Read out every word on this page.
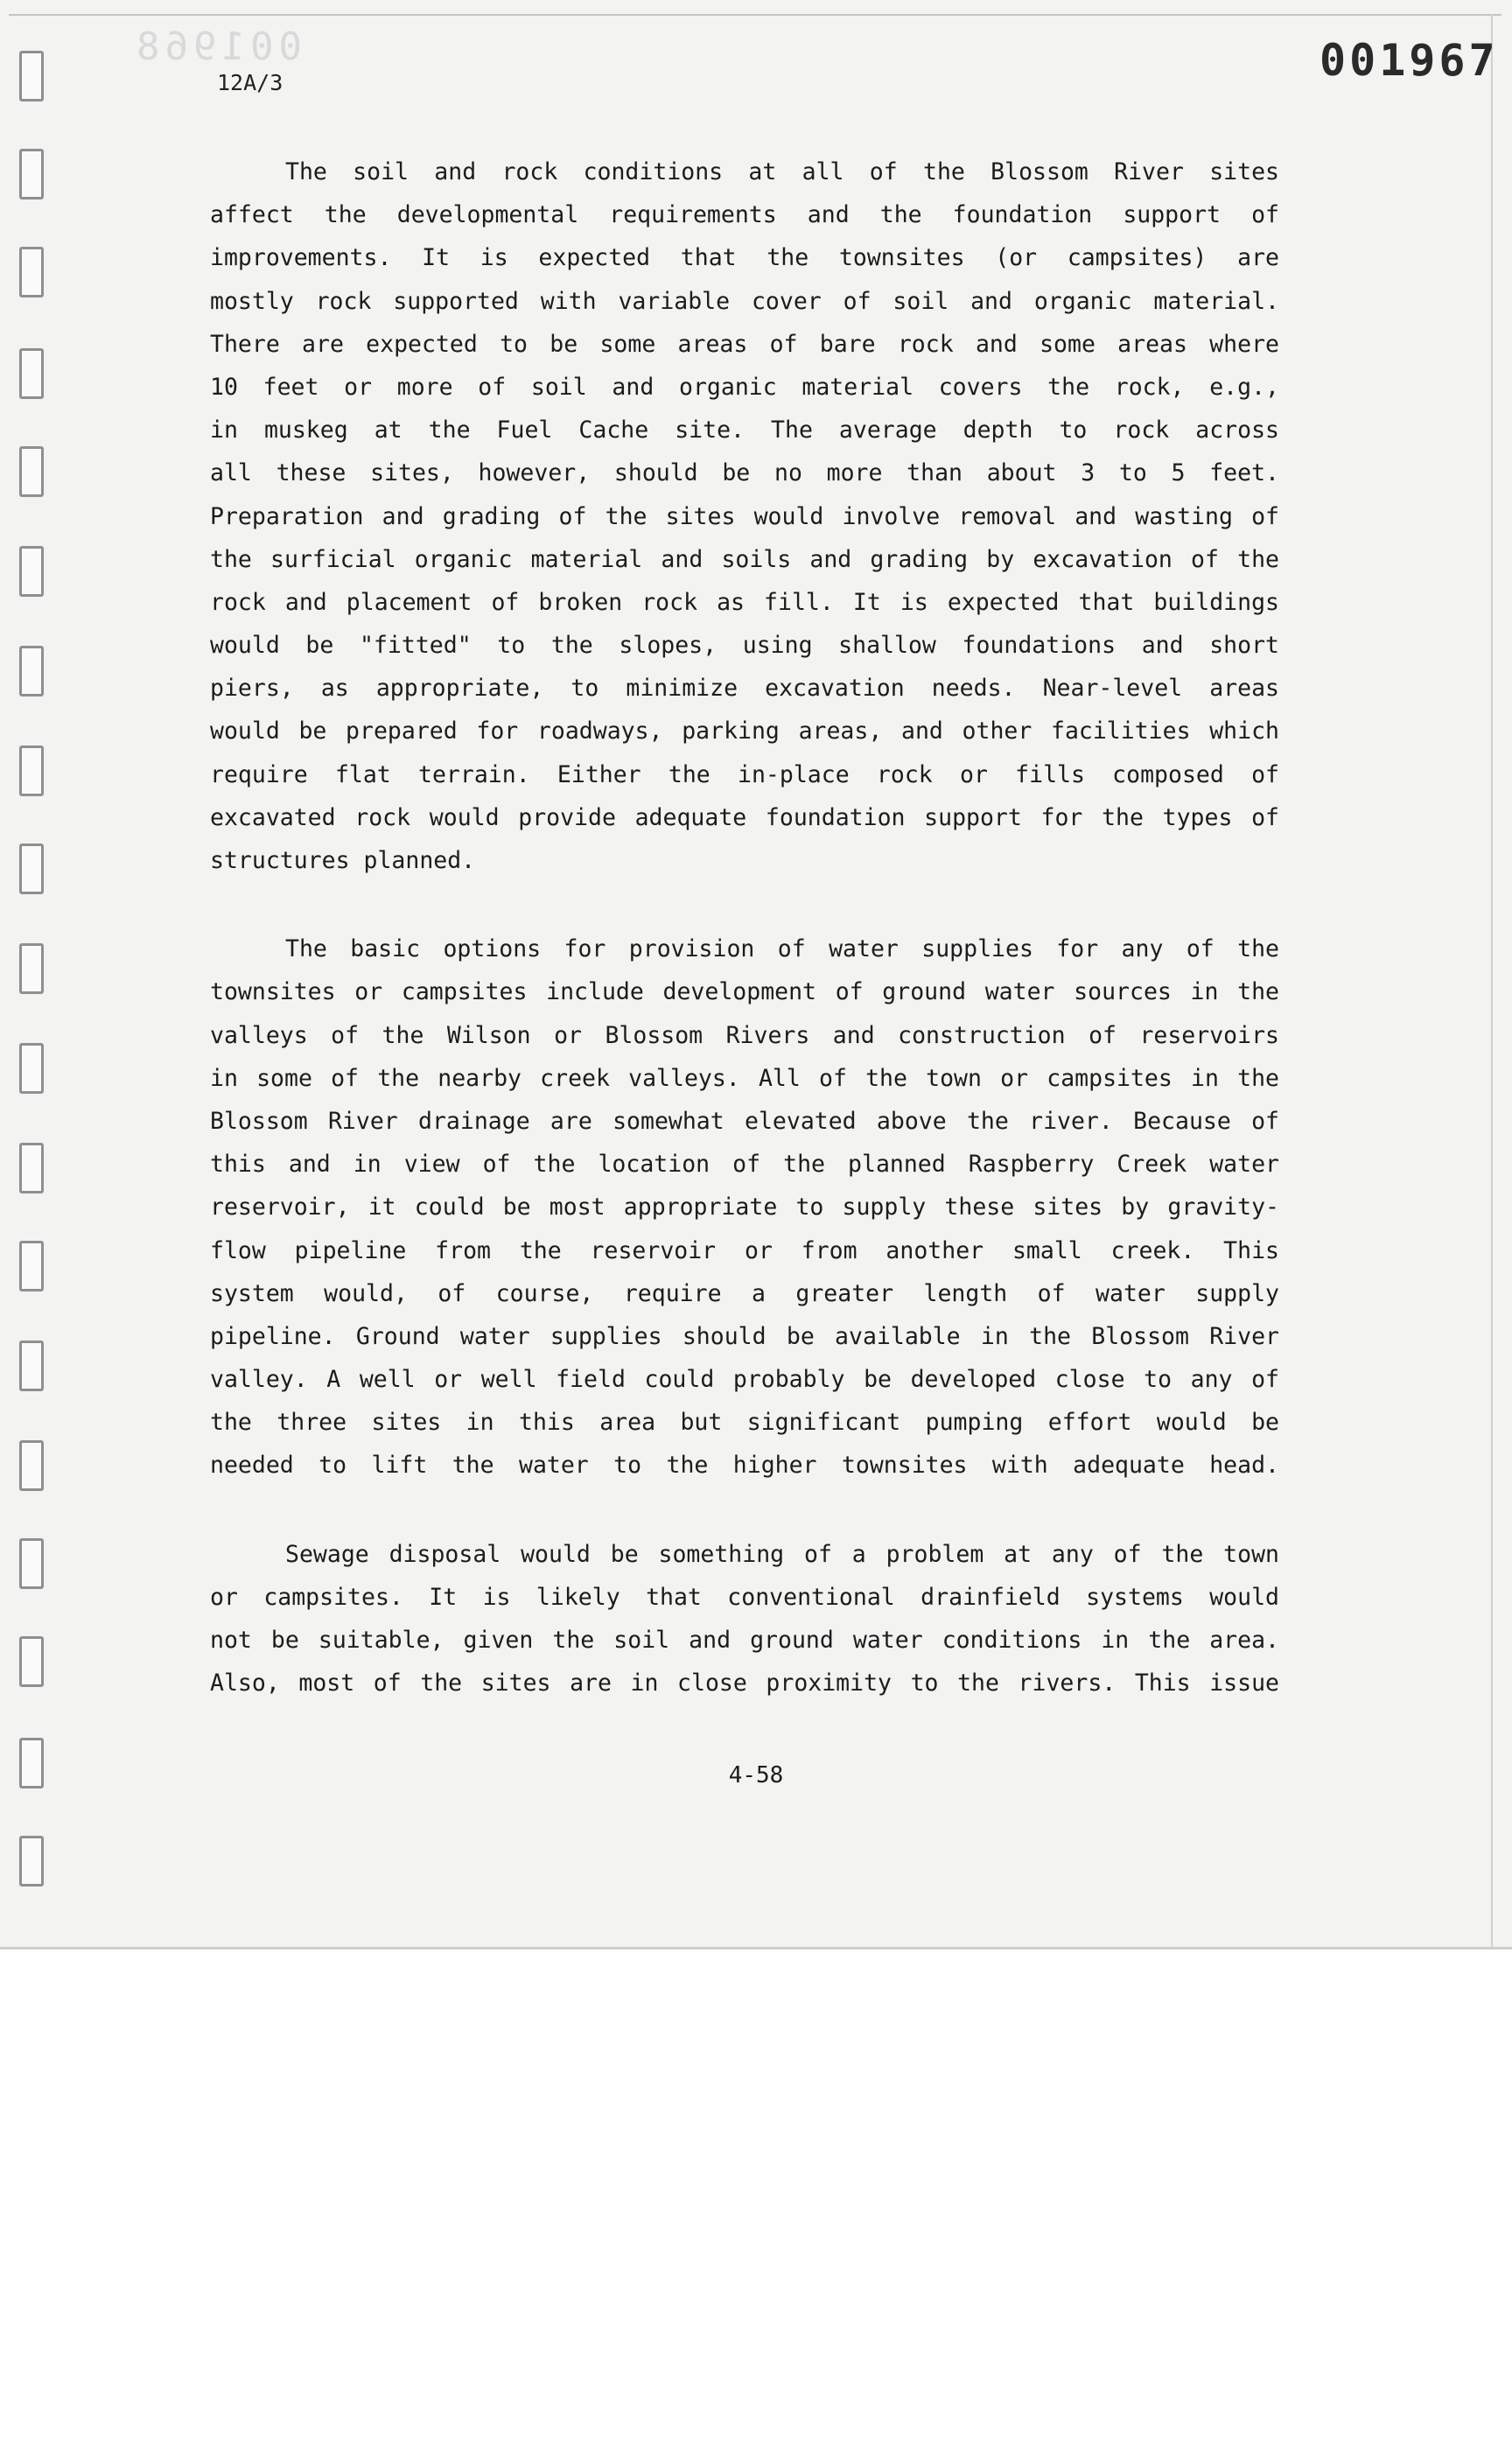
001968
12A/3	001967
The soil and rock conditions at all of the Blossom River sites
affect the developmental requirements and the foundation support of
improvements. It is expected that the townsites (or campsites) are
mostly rock supported with variable cover of soil and organic material.
There are expected to be some areas of bare rock and some areas where
10 feet or more of soil and organic material covers the rock, e.g.,
in muskeg at the Fuel Cache site. The average depth to rock across
all these sites, however, should be no more than about 3 to 5 feet.
Preparation and grading of the sites would involve removal and wasting of
the surficial organic material and soils and grading by excavation of the
rock and placement of broken rock as fill. It is expected that buildings
would be "fitted" to the slopes, using shallow foundations and short
piers, as appropriate, to minimize excavation needs. Near-level areas
would be prepared for roadways, parking areas, and other facilities which
require flat terrain. Either the in-place rock or fills composed of
excavated rock would provide adequate foundation support for the types of
structures planned.
The basic options for provision of water supplies for any of the
townsites or campsites include development of ground water sources in the
valleys of the Wilson or Blossom Rivers and construction of reservoirs
in some of the nearby creek valleys. All of the town or campsites in the
Blossom River drainage are somewhat elevated above the river. Because of
this and in view of the location of the planned Raspberry Creek water
reservoir, it could be most appropriate to supply these sites by gravity-
flow pipeline from the reservoir or from another small creek. This
system would, of course, require a greater length of water supply
pipeline. Ground water supplies should be available in the Blossom River
valley. A well or well field could probably be developed close to any of
the three sites in this area but significant pumping effort would be
needed to lift the water to the higher townsites with adequate head.
Sewage disposal would be something of a problem at any of the town
or campsites. It is likely that conventional drainfield systems would
not be suitable, given the soil and ground water conditions in the area.
Also, most of the sites are in close proximity to the rivers. This issue
4-58
